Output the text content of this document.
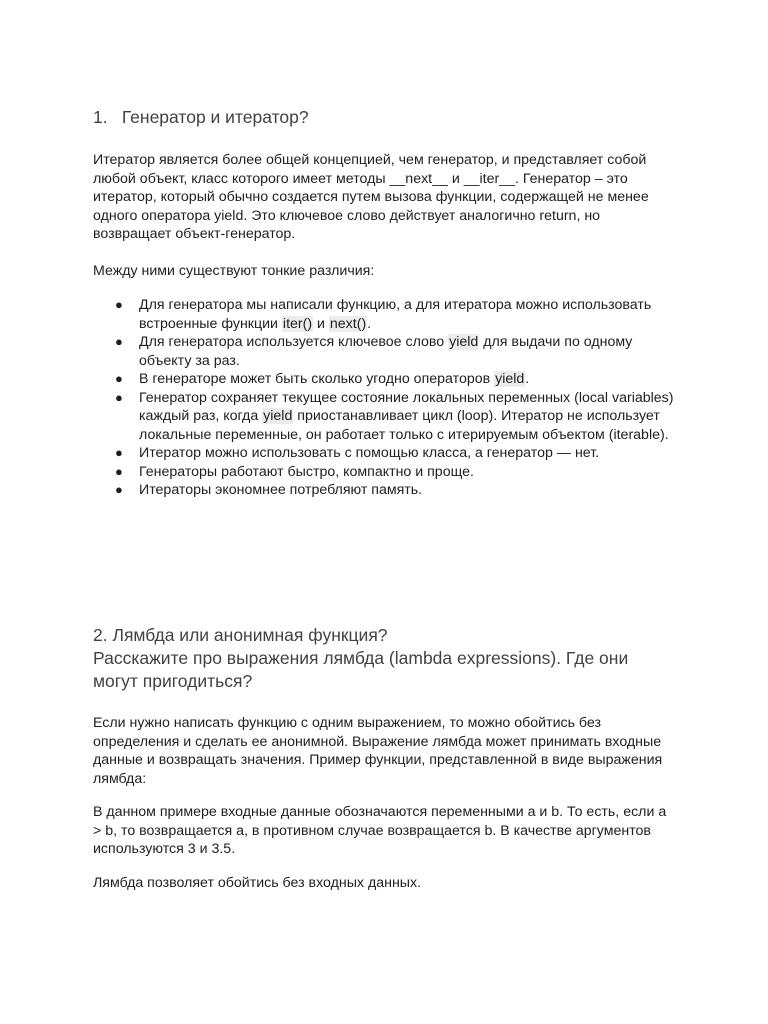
1. Генератор и итератор?

Итератор является более общей концепцией, чем генератор, и представляет собой любой объект, класс которого имеет методы __next__ и __iter__. Генератор – это итератор, который обычно создается путем вызова функции, содержащей не менее одного оператора yield. Это ключевое слово действует аналогично return, но возвращает объект-генератор.

Между ними существуют тонкие различия:

● Для генератора мы написали функцию, а для итератора можно использовать встроенные функции iter() и next().
● Для генератора используется ключевое слово yield для выдачи по одному объекту за раз.
● В генераторе может быть сколько угодно операторов yield.
● Генератор сохраняет текущее состояние локальных переменных (local variables) каждый раз, когда yield приостанавливает цикл (loop). Итератор не использует локальные переменные, он работает только с итерируемым объектом (iterable).
● Итератор можно использовать с помощью класса, а генератор — нет.
● Генераторы работают быстро, компактно и проще.
● Итераторы экономнее потребляют память.
2. Лямбда или анонимная функция?
Расскажите про выражения лямбда (lambda expressions). Где они могут пригодиться?

Если нужно написать функцию с одним выражением, то можно обойтись без определения и сделать ее анонимной. Выражение лямбда может принимать входные данные и возвращать значения. Пример функции, представленной в виде выражения лямбда:

В данном примере входные данные обозначаются переменными a и b. То есть, если a > b, то возвращается a, в противном случае возвращается b. В качестве аргументов используются 3 и 3.5.

Лямбда позволяет обойтись без входных данных.
